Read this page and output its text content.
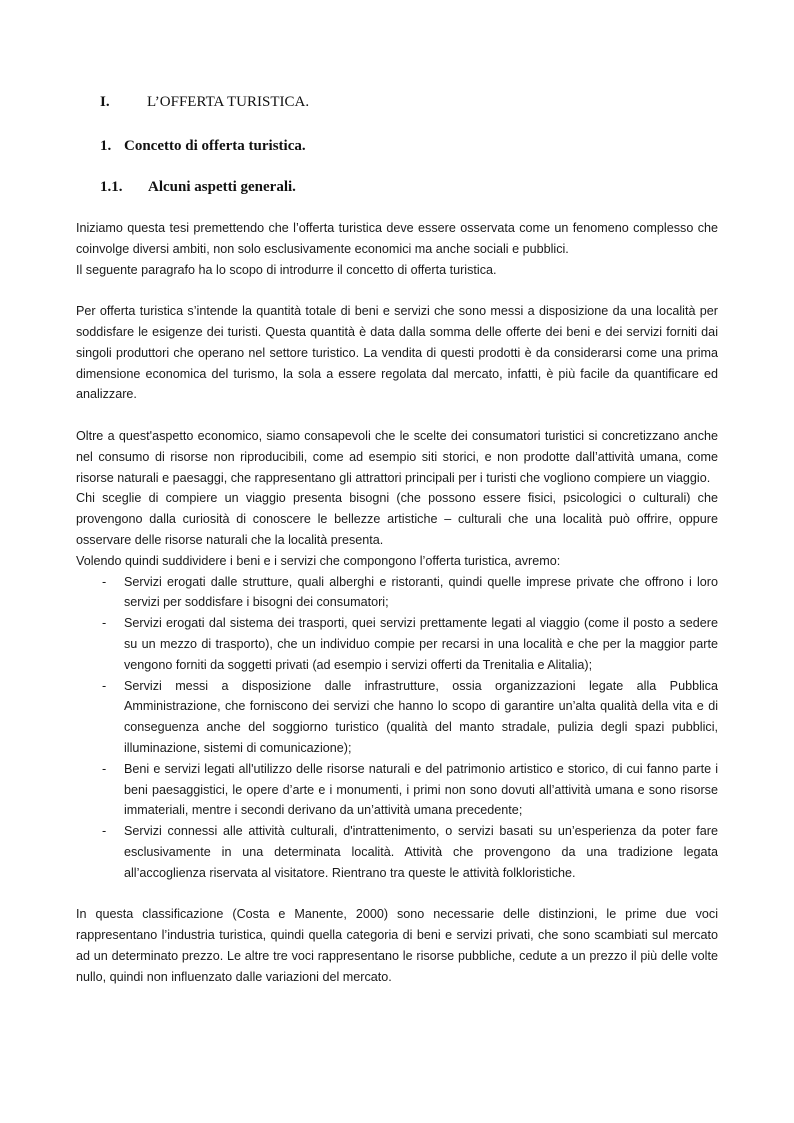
I. L’OFFERTA TURISTICA.
1. Concetto di offerta turistica.
1.1. Alcuni aspetti generali.

Iniziamo questa tesi premettendo che l’offerta turistica deve essere osservata come un fenomeno complesso che coinvolge diversi ambiti, non solo esclusivamente economici ma anche sociali e pubblici.

Il seguente paragrafo ha lo scopo di introdurre il concetto di offerta turistica.

Per offerta turistica s’intende la quantità totale di beni e servizi che sono messi a disposizione da una località per soddisfare le esigenze dei turisti. Questa quantità è data dalla somma delle offerte dei beni e dei servizi forniti dai singoli produttori che operano nel settore turistico. La vendita di questi prodotti è da considerarsi come una prima dimensione economica del turismo, la sola a essere regolata dal mercato, infatti, è più facile da quantificare ed analizzare.

Oltre a quest'aspetto economico, siamo consapevoli che le scelte dei consumatori turistici si concretizzano anche nel consumo di risorse non riproducibili, come ad esempio siti storici, e non prodotte dall’attività umana, come risorse naturali e paesaggi, che rappresentano gli attrattori principali per i turisti che vogliono compiere un viaggio.

Chi sceglie di compiere un viaggio presenta bisogni (che possono essere fisici, psicologici o culturali) che provengono dalla curiosità di conoscere le bellezze artistiche – culturali che una località può offrire, oppure osservare delle risorse naturali che la località presenta.

Volendo quindi suddividere i beni e i servizi che compongono l’offerta turistica, avremo:

- Servizi erogati dalle strutture, quali alberghi e ristoranti, quindi quelle imprese private che offrono i loro servizi per soddisfare i bisogni dei consumatori;
- Servizi erogati dal sistema dei trasporti, quei servizi prettamente legati al viaggio (come il posto a sedere su un mezzo di trasporto), che un individuo compie per recarsi in una località e che per la maggior parte vengono forniti da soggetti privati (ad esempio i servizi offerti da Trenitalia e Alitalia);
- Servizi messi a disposizione dalle infrastrutture, ossia organizzazioni legate alla Pubblica Amministrazione, che forniscono dei servizi che hanno lo scopo di garantire un’alta qualità della vita e di conseguenza anche del soggiorno turistico (qualità del manto stradale, pulizia degli spazi pubblici, illuminazione, sistemi di comunicazione);
- Beni e servizi legati all'utilizzo delle risorse naturali e del patrimonio artistico e storico, di cui fanno parte i beni paesaggistici, le opere d’arte e i monumenti, i primi non sono dovuti all’attività umana e sono risorse immateriali, mentre i secondi derivano da un’attività umana precedente;
- Servizi connessi alle attività culturali, d'intrattenimento, o servizi basati su un’esperienza da poter fare esclusivamente in una determinata località. Attività che provengono da una tradizione legata all’accoglienza riservata al visitatore. Rientrano tra queste le attività folkloristiche.

In questa classificazione (Costa e Manente, 2000) sono necessarie delle distinzioni, le prime due voci rappresentano l’industria turistica, quindi quella categoria di beni e servizi privati, che sono scambiati sul mercato ad un determinato prezzo. Le altre tre voci rappresentano le risorse pubbliche, cedute a un prezzo il più delle volte nullo, quindi non influenzato dalle variazioni del mercato.
